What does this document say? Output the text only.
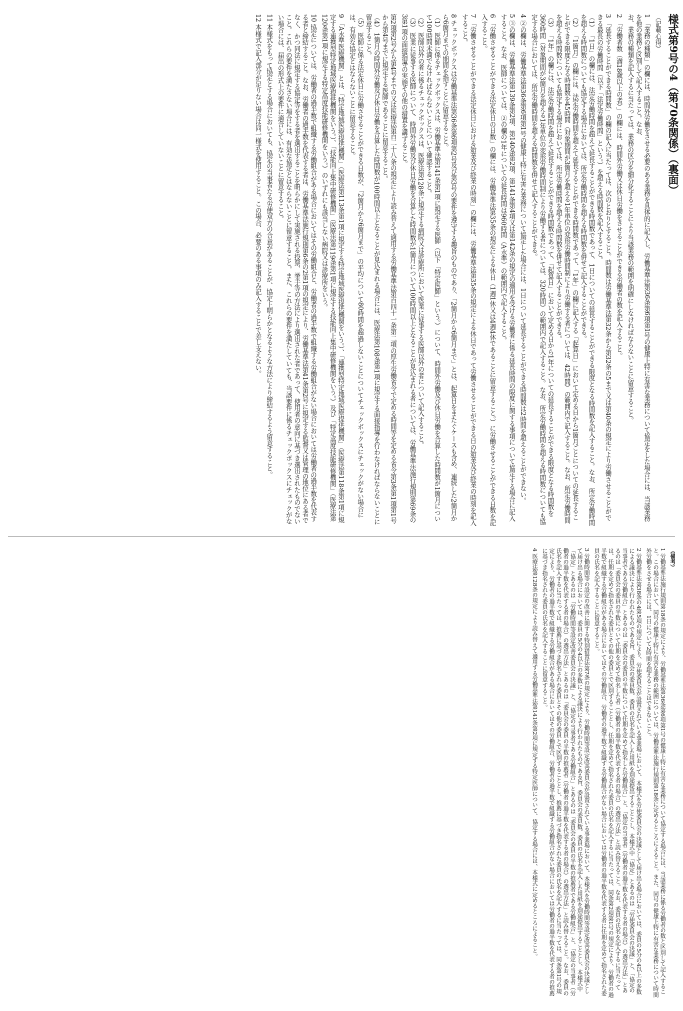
様式第9号の4（第70条関係）（裏面）
（記載心得）
1 「業務の種類」の欄には、時間外労働をさせる必要のある業務を具体的に記入し、労働基準法第36条第6項第1号の健康上特に有害な業務について協定をした場合には、当該業務を他の業務と区別して記入すること。なお、
お、業務の種類を記入するに当たっては、業務の区分を細分化することにより当該業務の範囲を明確にしなければならないことに留意すること。
2 「労働者数（満18歳以上の者）」の欄には、時間外労働又は休日労働をさせることができる労働者の数を記入すること。
3 「延長することができる時間数」の欄の記入に当たっては、次のとおりとすること。時間数は労働基準法第32条から第32条の5まで又は第40条の規定により労働させることができる最長の労働時間（以下「法定労働時間」という。）を超える時間数を記入すること。
（1） 「1日」の欄には、法定労働時間を超えて延長することができる時間数であって、1日についての延長することができる限度となる時間数を記入すること。なお、所定労働時間を超える時間数についても協定する場合においては、所定労働時間を超える時間数を併せて記入することができる。
（2） 「1箇月」の欄には、法定労働時間を超えて延長することができる時間数であって、「1年」の欄に記入する「起算日」において定める日から1箇月ごとについての延長することができる限度となる時間数を45時間（対象期間が3箇月を超える1年単位の変形労働時間制により労働する者については、42時間）の範囲内で記入すること。なお、所定労働時間を超える時間数についても協定する場合においては、所定労働時間を超える時間数を併せて記入することができる。
（3） 「1年」の欄には、法定労働時間を超えて延長することができる時間数であって、「起算日」において定める日から1年についての延長することができる限度となる時間数を360時間（対象期間が3箇月を超える1年単位の変形労働時間制により労働する者については、320時間）の範囲内で記入すること。なお、所定労働時間を超える時間数についても協定する場合においては、所定労働時間を超える時間数を併せて記入することができる。
4 ②の欄は、労働基準法第36条第6項第1号の健康上特に有害な業務について協定した場合には、1日について延長することができる時間数は2時間を超えることができない。
5 ③の欄は、労働基準法第139条第2項、第140条第2項、第141条第4項又は第142条の規定の適用を受ける労働者に係る延長時間の限度に関する事項について協定する場合に記入すること。なお、医師については、②の欄の1年についての延長時間は960時間（A水準）の範囲内で記入すること。
6 「労働させることができる法定休日の日数」の欄には、労働基準法第35条の規定による休日（1週1休又は4週4休であることに留意すること。）に労働させることができる日数を記入すること。
7 「労働させることができる法定休日における始業及び終業の時刻」の欄には、労働基準法第35条の規定による休日であって労働させることができる日の始業及び終業の時刻を記入すること。
8 チェックボックスは労働基準法第36条第6項第2号及び第3号の要件を遵守する趣旨のものであり、「2箇月から6箇月まで」とは、起算日をまたぐケースも含め、連続した2箇月から6箇月までの期間を指すことに留意すること。
（1） 医師に係るチェックボックスは、労働基準法第141条第1項に規定する医師（以下「特定医師」という。）について、時間外労働及び休日労働を合算した時間数が1箇月について100時間未満でなければならないことについて確認すること。
（2） 医師以外の者に係るチェックボックスは、医療法第128条に規定する病院又は診療所において医業に従事する医師以外の者について記入すること。
（3） 医業に従事する医師について、時間外労働及び休日労働を合算した時間数が1箇月について100時間以上となることが見込まれる者については、労働基準法施行規則第69条の3第1項の面接指導の実施その他の措置を講ずること。
第2項第2号から第4号までの又は医療法第百二十八条の規定により読み替えて適用する労働基準法第百四十一条第二項の厚生労働省令で定める時間等を定める省令第3条第1項第1号から第4号までに規定する医師であることに留意すること。
（4） 1箇月の時間外労働及び休日労働を合算した時間数が100時間以上となることが見込まれる場合には、医療法第108条第1項に規定する面接指導を行わなければならないことに留意すること。
（5） 医師に係る法定休日に労働させることができる日数が、「2箇月から6箇月まで」の平均について80時間を超過しないことについてチェックボックスにチェックがない場合には、有効な協定とはならないことに留意すること。
9 「A水準医療機関」とは、「特定地域医療提供機関」（医療法第113条第1項に規定する特定地域医療提供機関をいう。）、「連携型特定地域医療提供機関」（医療法第118条第1項に規定する連携型特定地域医療提供機関をいう。）、「技能向上集中研修機関」（医療法第119条第1項に規定する技能向上集中研修機関をいう。）及び「特定高度技能研修機関」（医療法第120条第1項に規定する特定高度技能研修機関をいう。）のいずれにも該当しない病院又は診療所をいう。
10 協定については、労働者の過半数で組織する労働組合がある場合においてはその労働組合と、労働者の過半数で組織する労働組合がない場合においては労働者の過半数を代表する者と締結すること。なお、労働者の過半数を代表する者は、労働基準法施行規則第6条の2第1項の規定により、労働基準法第41条第2号に規定する監督又は管理の地位にある者でなく、かつ同法に規定する協定等をする者を選出することを明らかにして実施される投票、挙手等の方法により選出された者であって、使用者の意向に基づき選出されたものでないこと。これらの要件を満たさない場合には、有効な協定とはならないことに留意すること。また、これらの要件を満たしていても、当該要件に係るチェックボックスにチェックがない場合には、届出の形式上の要件に適合していないことに留意すること。
11 本様式をもって協定とする場合においても、協定の当事者たる労使双方の合意があることが、協定上明らかとなるような方法により締結するよう留意すること。
12 本様式で記入部分が足りない場合は同一様式を使用すること。この場合、必要のある事項のみ記入することで差し支えない。
（備考）
1 労働基準法施行規則第18条の規定により、労働基準法第36条第6項第1号の健康上特に有害な業務について協定する場合には、当該業務に係る労働者の数と区別して記入すること。この場合において、同号の健康上特に有害な業務の範囲については、労働基準法施行規則第18条に定めるところによること。また、同号の健康上特に有害な業務について時間外労働をさせる場合には、1日について2時間を超えることはできないこと。
2 労働基準法第38条の4第5項の規定により、労使委員会が設置されている事業場において、本様式を労使委員会の決議として届け出る場合においては、委員の5分の4以上の多数による議決により行われたものである旨、委員会の委員数、委員の氏名を記入した用紙を別途提出することとし、本様式中「協定」とあるのは「労使委員会の決議」と、「協定の当事者である労働組合」とあるのは「委員会の委員の半数について任期を定めて指名した労働組合」と、「協定の当事者（労働者の過半数を代表する者の場合）の選出方法」とあるのは「委員会の委員の半数について任期を定めて指名した者（労働者の過半数を代表する者の場合）の選出方法」と読み替えること。なお、委員の氏名を記入するに当たっては、任期を定めて指名された委員とその他の委員とで区別することとし、任期を定めて指名された委員の氏名を記入するに当たっては、同条第2項第1号の規定により、労働者の過半数で組織する労働組合がある場合においてはその労働組合、労働者の過半数で組織する労働組合がない場合においては労働者の過半数を代表する者に任期を定めて指名された委員の氏名を記入することに留意すること。
3 労働時間等の設定の改善に関する特別措置法第7条の規定により、労働時間等設定改善委員会が設置されている事業場において、本様式を労働時間等設定改善委員会の決議として届け出る場合においては、委員の5分の4以上の多数による議決により行われたものである旨、委員会の委員数、委員の氏名を記入した用紙を別途提出することとし、本様式中「協定」とあるのは「労働時間等設定改善委員会の決議」と、「協定の当事者である労働組合」とあるのは「委員会の委員の半数の推薦者である労働組合」と、「協定の当事者（労働者の過半数を代表する者の場合）の選出方法」とあるのは「委員会の委員の半数の推薦者（労働者の過半数を代表する者の場合）の選出方法」と読み替えること。なお、委員の氏名を記入するに当たっては、推薦に基づき指名された委員とその他の委員とで区別することとし、推薦に基づき指名された委員の氏名を記入するに当たっては、同条第1号の規定により、労働者の過半数で組織する労働組合がある場合においてはその労働組合、労働者の過半数で組織する労働組合がない場合においては労働者の過半数を代表する者の推薦に基づき指名された委員の氏名を記入することに留意すること。
4 医療法第128条の規定により読み替えて適用する労働基準法第141条第2項に規定する特定医師について、協定する場合には、本様式に定めるところによること。
